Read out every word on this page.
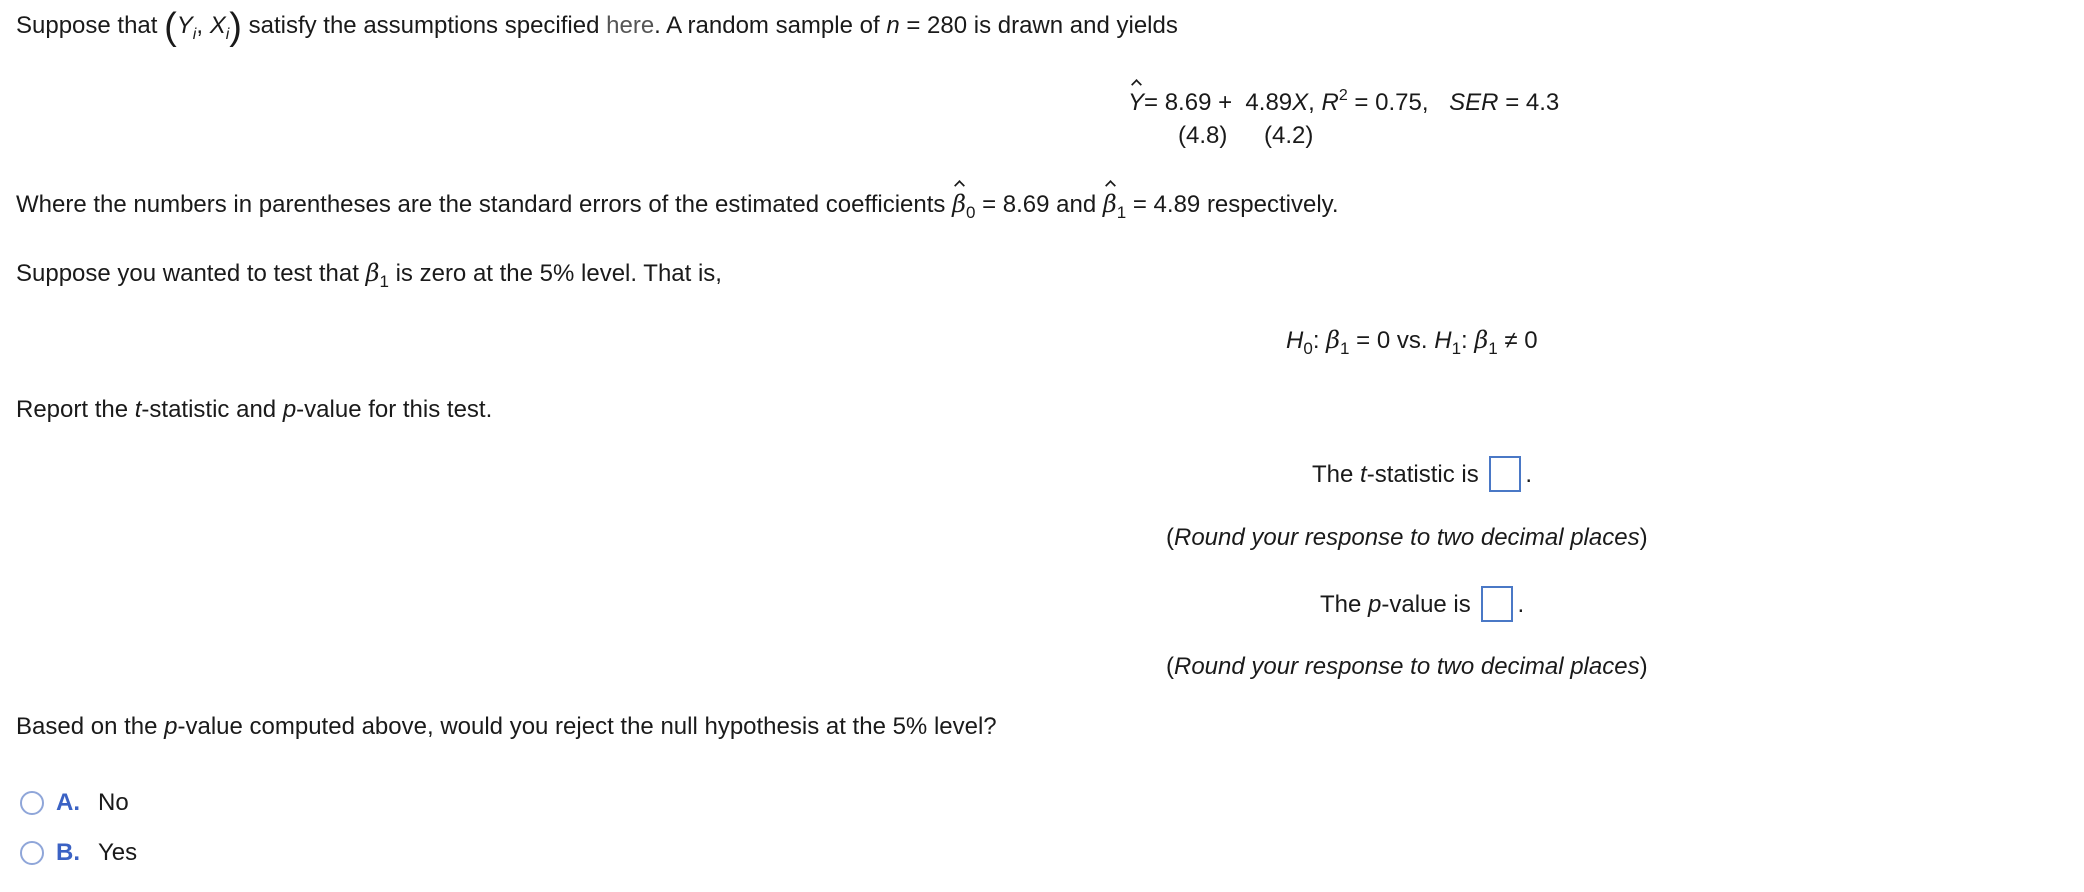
Suppose that ($Y_i$, $X_i$) satisfy the assumptions specified here. A random sample of n = 280 is drawn and yields
Y= 8.69 +  4.89X, $R^2 = 0.75$, SER = 4.3
(4.8) (4.2)
Where the numbers in parentheses are the standard errors of the estimated coefficients $\beta_0 = 8.69$ and $\beta_1 = 4.89$ respectively.
Suppose you wanted to test that $\beta_1$ is zero at the 5% level. That is,
$H_0$: $\beta_1 = 0$ vs. $H_1$: $\beta_1 \ne 0$
Report the t-statistic and p-value for this test.
The t-statistic is .
(Round your response to two decimal places)
The p-value is .
(Round your response to two decimal places)
Based on the p-value computed above, would you reject the null hypothesis at the 5% level?
A. No
B. Yes
